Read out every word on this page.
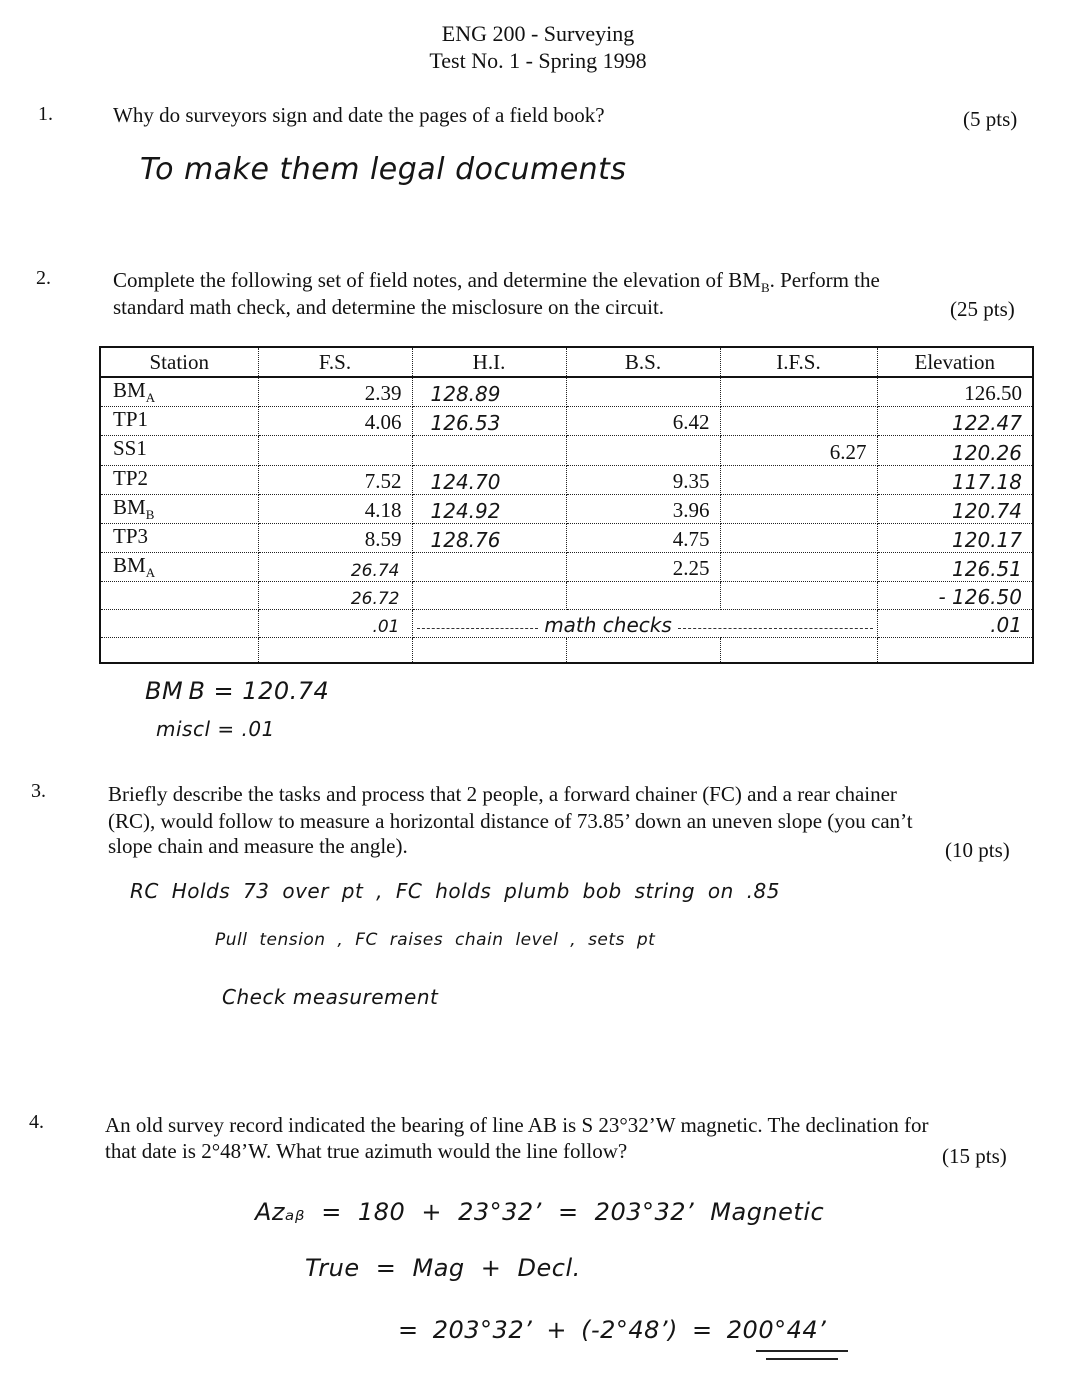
ENG 200 - Surveying
Test No. 1 - Spring 1998
1.	Why do surveyors sign and date the pages of a field book?	(5 pts)
To make them legal documents
2.	Complete the following set of field notes, and determine the elevation of $BM_B$. Perform the
standard math check, and determine the misclosure on the circuit.	(25 pts)
Station	F.S.	H.I.	B.S.	I.F.S.	Elevation
$BM_A$	2.39	128.89			126.50
TP1	4.06	126.53	6.42		122.47
SS1				6.27	120.26
TP2	7.52	124.70	9.35		117.18
$BM_B$	4.18	124.92	3.96		120.74
TP3	8.59	128.76	4.75		120.17
$BM_A$	26.74		2.25		126.51
	26.72				- 126.50
	.01	math checks			.01

BM B = 120.74
miscl = .01
3.	Briefly describe the tasks and process that 2 people, a forward chainer (FC) and a rear chainer
(RC), would follow to measure a horizontal distance of 73.85’ down an uneven slope (you can’t
slope chain and measure the angle).	(10 pts)
RC Holds 73 over pt , FC holds plumb bob string on .85
Pull tension , FC raises chain level , sets pt
Check measurement
4.	An old survey record indicated the bearing of line AB is S 23°32’W magnetic. The declination for
that date is 2°48’W. What true azimuth would the line follow?	(15 pts)
Azₐᵦ = 180 + 23°32’ = 203°32’ Magnetic
True = Mag + Decl.
= 203°32’ + (-2°48’) = 200°44’
